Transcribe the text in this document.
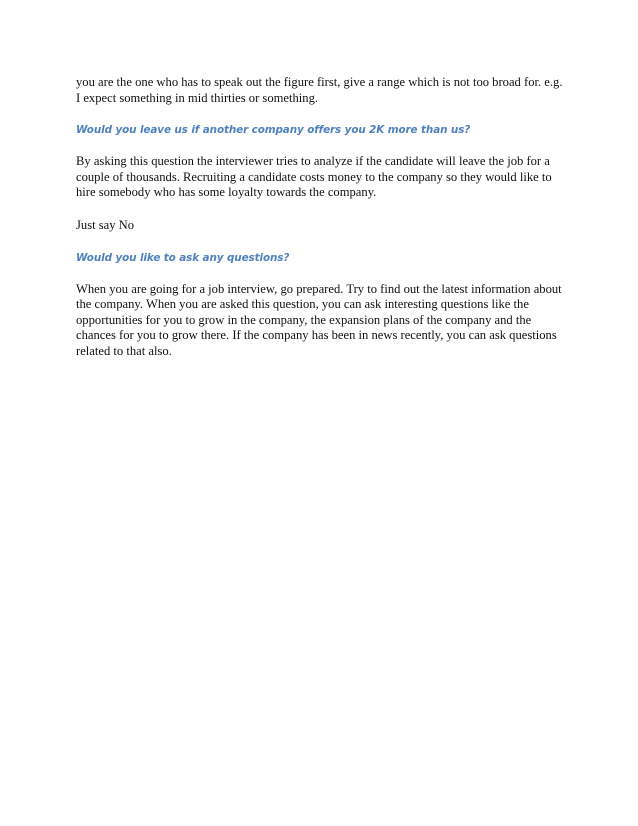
you are the one who has to speak out the figure first, give a range which is not too broad for. e.g.
I expect something in mid thirties or something.

Would you leave us if another company offers you 2K more than us?

By asking this question the interviewer tries to analyze if the candidate will leave the job for a
couple of thousands. Recruiting a candidate costs money to the company so they would like to
hire somebody who has some loyalty towards the company.

Just say No

Would you like to ask any questions?

When you are going for a job interview, go prepared. Try to find out the latest information about
the company. When you are asked this question, you can ask interesting questions like the
opportunities for you to grow in the company, the expansion plans of the company and the
chances for you to grow there. If the company has been in news recently, you can ask questions
related to that also.
